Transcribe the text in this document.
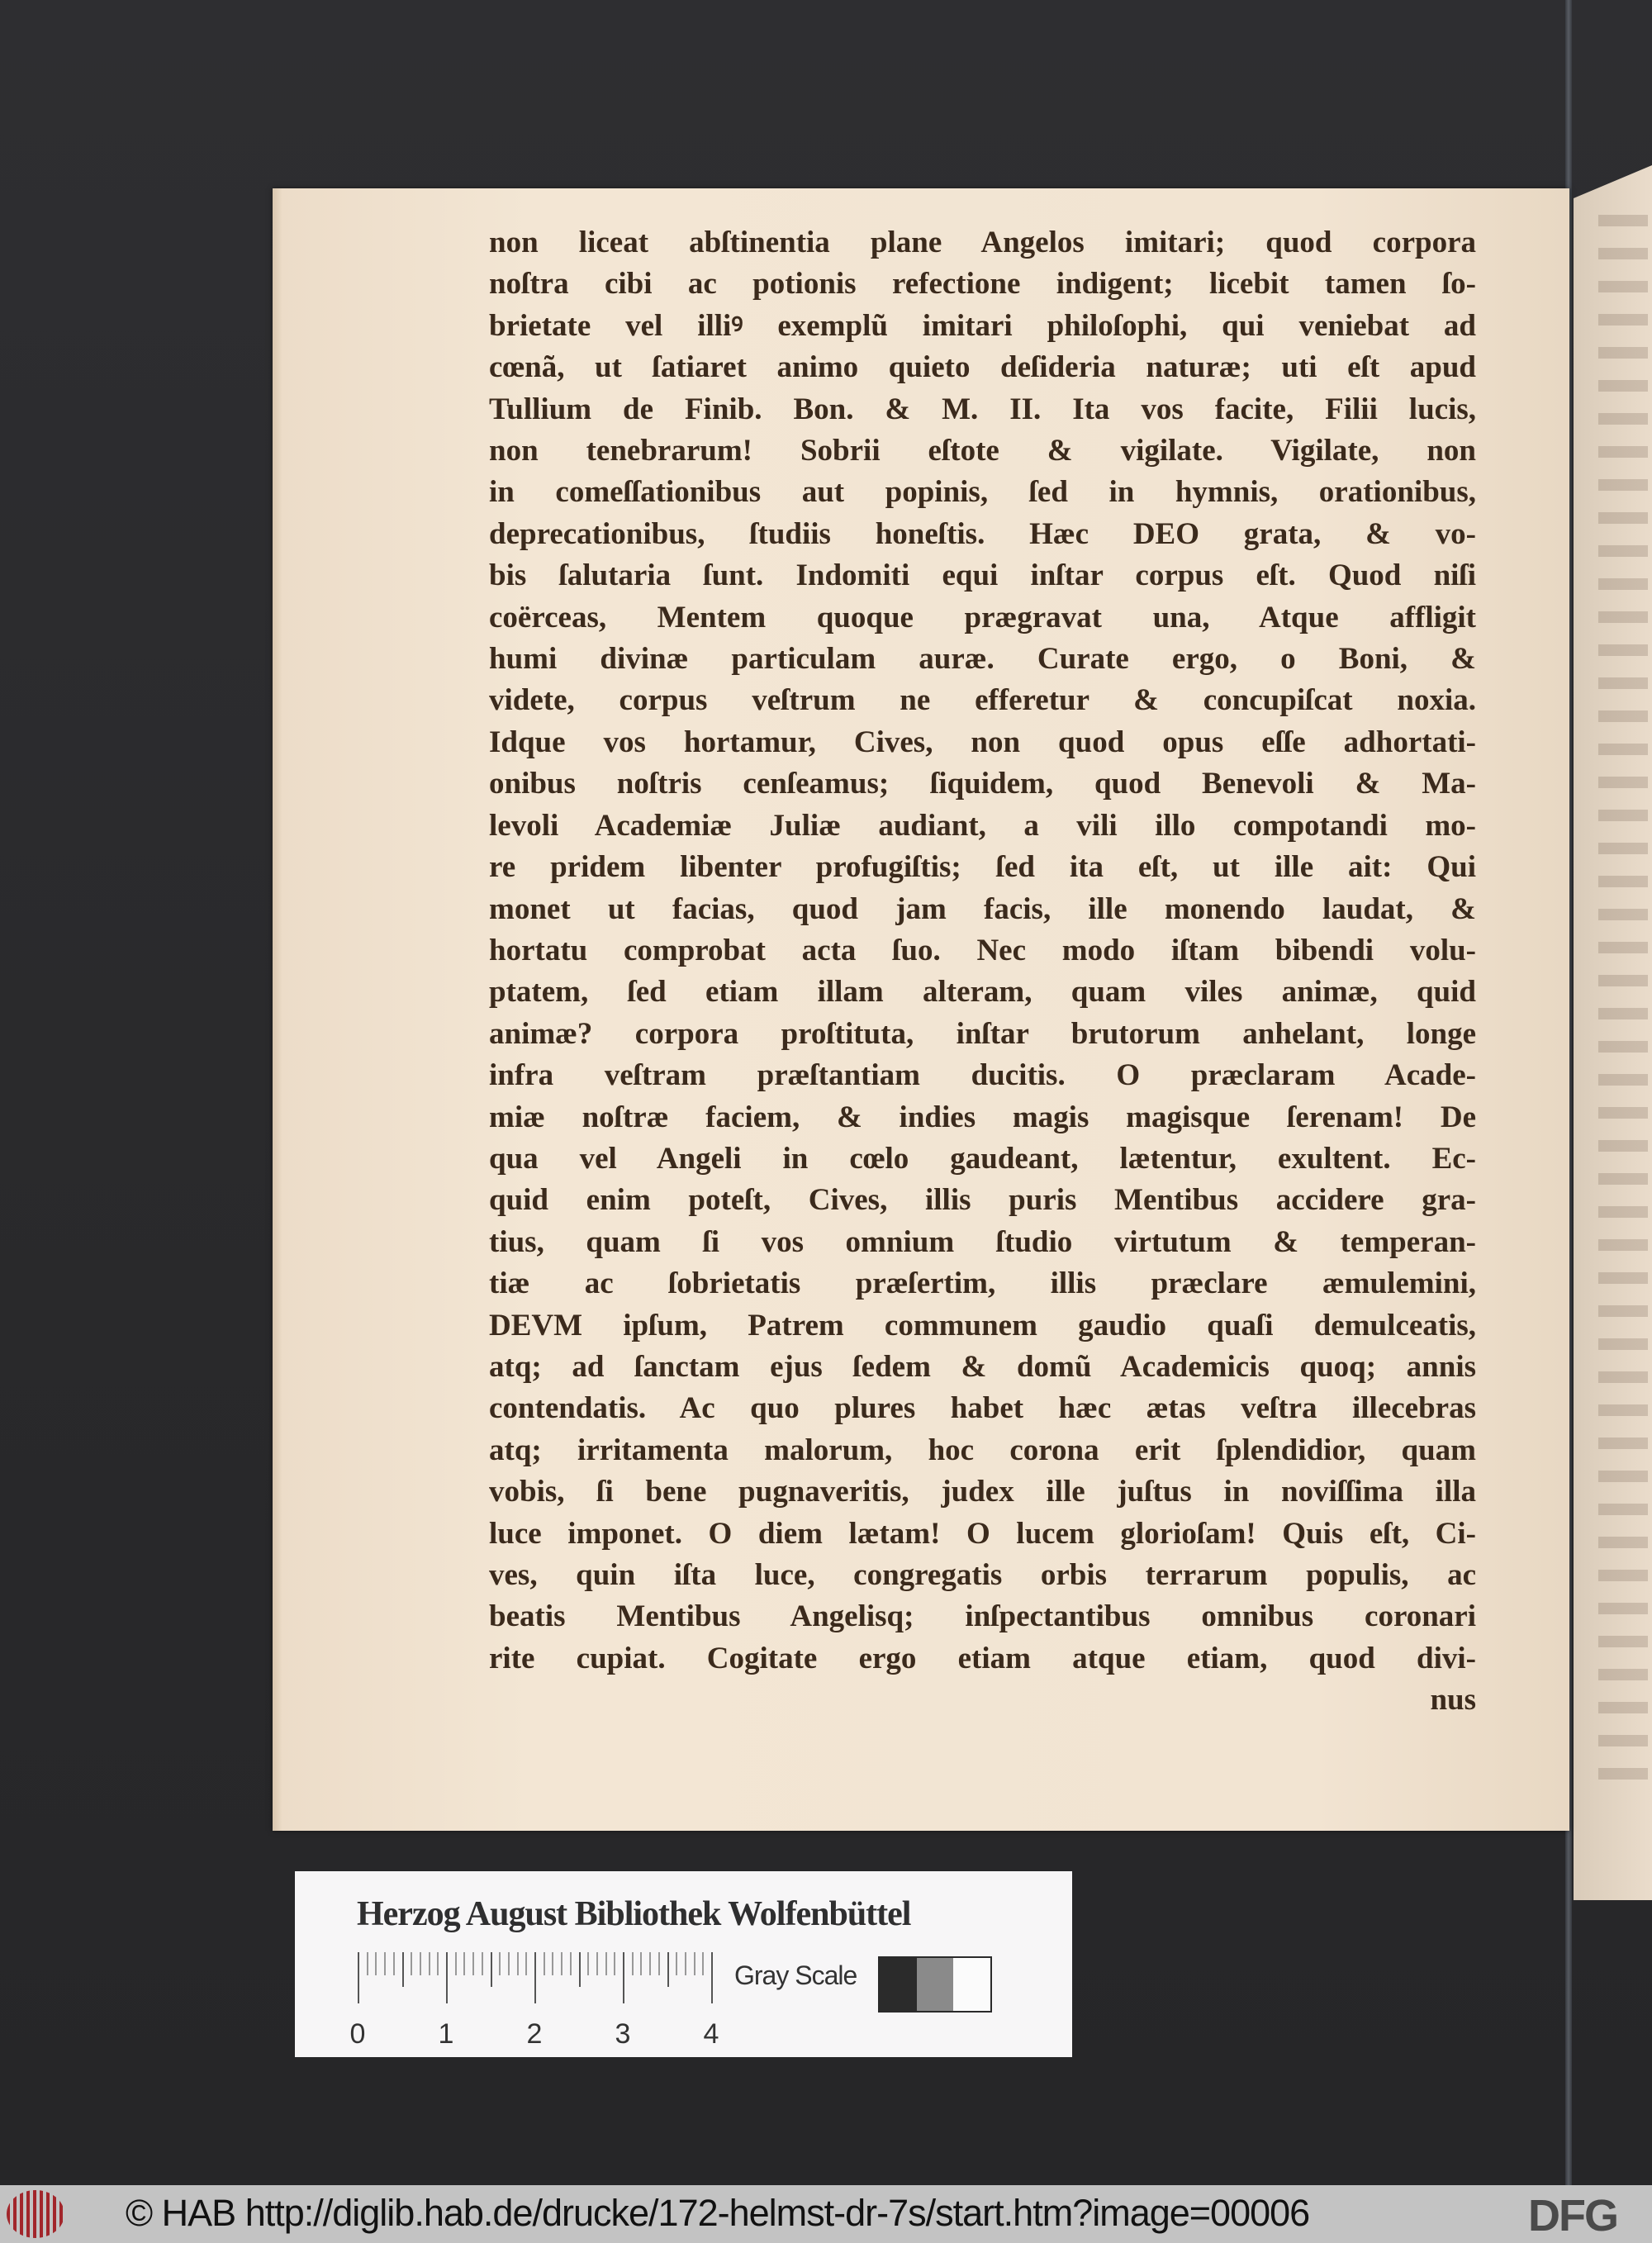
non liceat abſtinentia plane Angelos imitari; quod corpora
noſtra cibi ac potionis refectione indigent; licebit tamen ſo-
brietate vel illiꝰ exemplũ imitari philoſophi, qui veniebat ad
cœnã, ut ſatiaret animo quieto deſideria naturæ; uti eſt apud
Tullium de Finib. Bon. & M. II. Ita vos facite, Filii lucis,
non tenebrarum! Sobrii eſtote & vigilate. Vigilate, non
in comeſſationibus aut popinis, ſed in hymnis, orationibus,
deprecationibus, ſtudiis honeſtis. Hæc DEO grata, & vo-
bis ſalutaria ſunt. Indomiti equi inſtar corpus eſt. Quod niſi
coërceas, Mentem quoque prægravat una, Atque affligit
humi divinæ particulam auræ. Curate ergo, o Boni, &
videte, corpus veſtrum ne efferetur & concupiſcat noxia.
Idque vos hortamur, Cives, non quod opus eſſe adhortati-
onibus noſtris cenſeamus; ſiquidem, quod Benevoli & Ma-
levoli Academiæ Juliæ audiant, a vili illo compotandi mo-
re pridem libenter profugiſtis; ſed ita eſt, ut ille ait: Qui
monet ut facias, quod jam facis, ille monendo laudat, &
hortatu comprobat acta ſuo. Nec modo iſtam bibendi volu-
ptatem, ſed etiam illam alteram, quam viles animæ, quid
animæ? corpora proſtituta, inſtar brutorum anhelant, longe
infra veſtram præſtantiam ducitis. O præclaram Acade-
miæ noſtræ faciem, & indies magis magisque ſerenam! De
qua vel Angeli in cœlo gaudeant, lætentur, exultent. Ec-
quid enim poteſt, Cives, illis puris Mentibus accidere gra-
tius, quam ſi vos omnium ſtudio virtutum & temperan-
tiæ ac ſobrietatis præſertim, illis præclare æmulemini,
DEVM ipſum, Patrem communem gaudio quaſi demulceatis,
atq; ad ſanctam ejus ſedem & domũ Academicis quoq; annis
contendatis. Ac quo plures habet hæc ætas veſtra illecebras
atq; irritamenta malorum, hoc corona erit ſplendidior, quam
vobis, ſi bene pugnaveritis, judex ille juſtus in noviſſima illa
luce imponet. O diem lætam! O lucem glorioſam! Quis eſt, Ci-
ves, quin iſta luce, congregatis orbis terrarum populis, ac
beatis Mentibus Angelisq; inſpectantibus omnibus coronari
rite cupiat. Cogitate ergo etiam atque etiam, quod divi-
nus
Herzog August Bibliothek Wolfenbüttel
0	1	2	3	4
Gray Scale
© HAB http://diglib.hab.de/drucke/172-helmst-dr-7s/start.htm?image=00006	DFG
